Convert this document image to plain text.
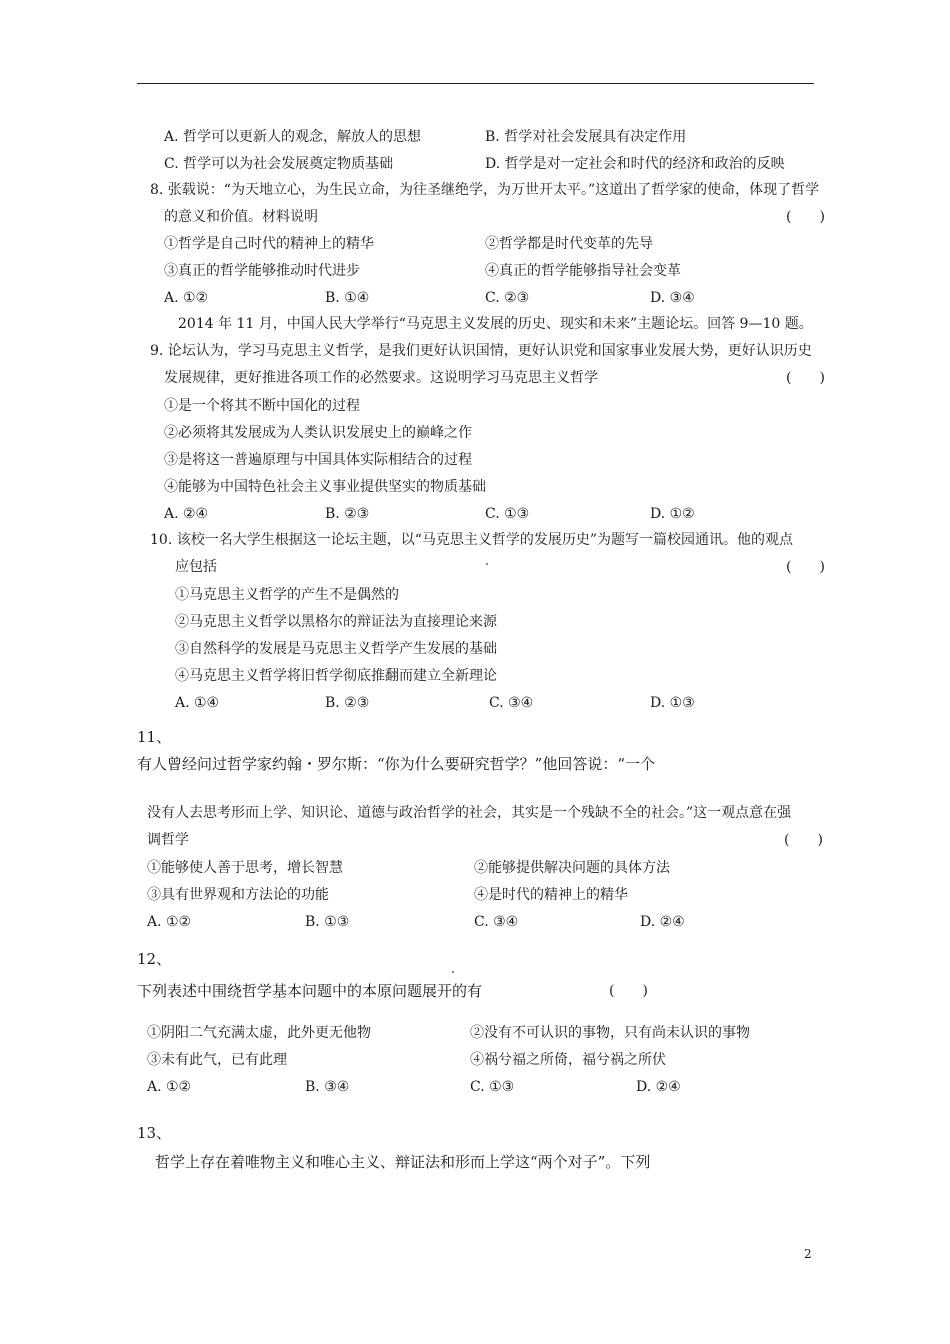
A. 哲学可以更新人的观念，解放人的思想	B. 哲学对社会发展具有决定作用
C. 哲学可以为社会发展奠定物质基础	D. 哲学是对一定社会和时代的经济和政治的反映
8. 张载说：“为天地立心，为生民立命，为往圣继绝学，为万世开太平。”这道出了哲学家的使命，体现了哲学
的意义和价值。材料说明	(　　)
①哲学是自己时代的精神上的精华	②哲学都是时代变革的先导
③真正的哲学能够推动时代进步	④真正的哲学能够指导社会变革
A. ①②	B. ①④	C. ②③	D. ③④
2014 年 11 月，中国人民大学举行“马克思主义发展的历史、现实和未来”主题论坛。回答 9—10 题。
9. 论坛认为，学习马克思主义哲学，是我们更好认识国情，更好认识党和国家事业发展大势，更好认识历史
发展规律，更好推进各项工作的必然要求。这说明学习马克思主义哲学	(　　)
①是一个将其不断中国化的过程
②必须将其发展成为人类认识发展史上的巅峰之作
③是将这一普遍原理与中国具体实际相结合的过程
④能够为中国特色社会主义事业提供坚实的物质基础
A. ②④	B. ②③	C. ①③	D. ①②
10. 该校一名大学生根据这一论坛主题，以“马克思主义哲学的发展历史”为题写一篇校园通讯。他的观点
应包括	(　　)
①马克思主义哲学的产生不是偶然的
②马克思主义哲学以黑格尔的辩证法为直接理论来源
③自然科学的发展是马克思主义哲学产生发展的基础
④马克思主义哲学将旧哲学彻底推翻而建立全新理论
A. ①④	B. ②③	C. ③④	D. ①③
11、
有人曾经问过哲学家约翰・罗尔斯：“你为什么要研究哲学？”他回答说：“一个
没有人去思考形而上学、知识论、道德与政治哲学的社会，其实是一个残缺不全的社会。”这一观点意在强
调哲学	(　　)
①能够使人善于思考，增长智慧	②能够提供解决问题的具体方法
③具有世界观和方法论的功能	④是时代的精神上的精华
A. ①②	B. ①③	C. ③④	D. ②④
12、
下列表述中围绕哲学基本问题中的本原问题展开的有	(　　)
①阴阳二气充满太虚，此外更无他物	②没有不可认识的事物，只有尚未认识的事物
③未有此气，已有此理	④祸兮福之所倚，福兮祸之所伏
A. ①②	B. ③④	C. ①③	D. ②④
13、
哲学上存在着唯物主义和唯心主义、辩证法和形而上学这“两个对子”。下列
2
